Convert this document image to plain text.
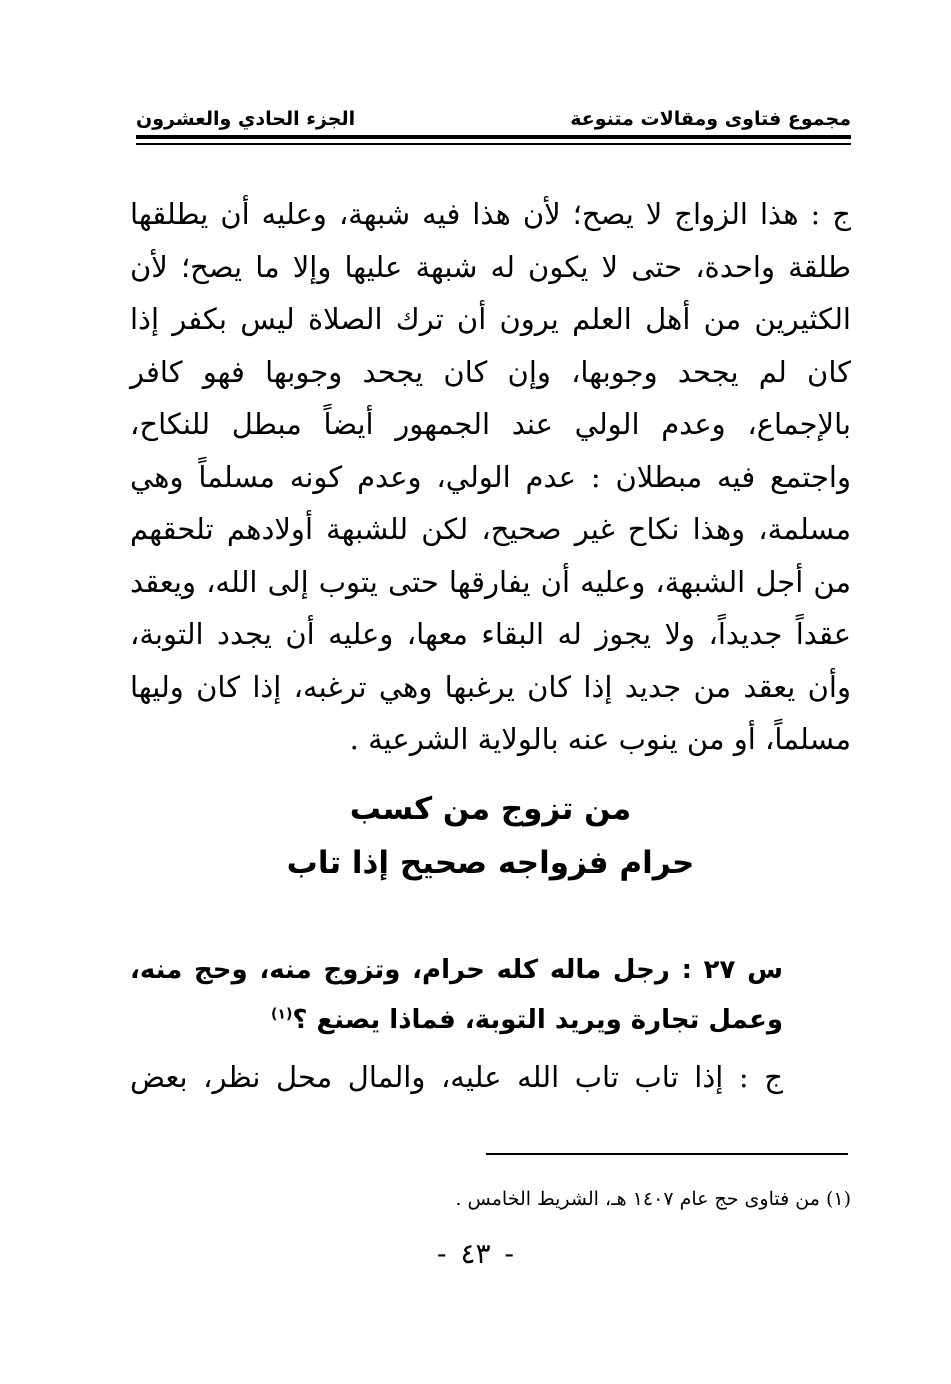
مجموع فتاوى ومقالات متنوعة
الجزء الحادي والعشرون
ج : هذا الزواج لا يصح؛ لأن هذا فيه شبهة، وعليه أن يطلقها طلقة واحدة، حتى لا يكون له شبهة عليها وإلا ما يصح؛ لأن الكثيرين من أهل العلم يرون أن ترك الصلاة ليس بكفر إذا كان لم يجحد وجوبها، وإن كان يجحد وجوبها فهو كافر بالإجماع، وعدم الولي عند الجمهور أيضاً مبطل للنكاح، واجتمع فيه مبطلان : عدم الولي، وعدم كونه مسلماً وهي مسلمة، وهذا نكاح غير صحيح، لكن للشبهة أولادهم تلحقهم من أجل الشبهة، وعليه أن يفارقها حتى يتوب إلى الله، ويعقد عقداً جديداً، ولا يجوز له البقاء معها، وعليه أن يجدد التوبة، وأن يعقد من جديد إذا كان يرغبها وهي ترغبه، إذا كان وليها مسلماً، أو من ينوب عنه بالولاية الشرعية .
من تزوج من كسب
حرام فزواجه صحيح إذا تاب
س ٢٧ : رجل ماله كله حرام، وتزوج منه، وحج منه، وعمل تجارة ويريد التوبة، فماذا يصنع ؟$^{(١)}$
ج : إذا تاب تاب الله عليه، والمال محل نظر، بعض
(١) من فتاوى حج عام ١٤٠٧ هـ، الشريط الخامس .
-٤٣-
